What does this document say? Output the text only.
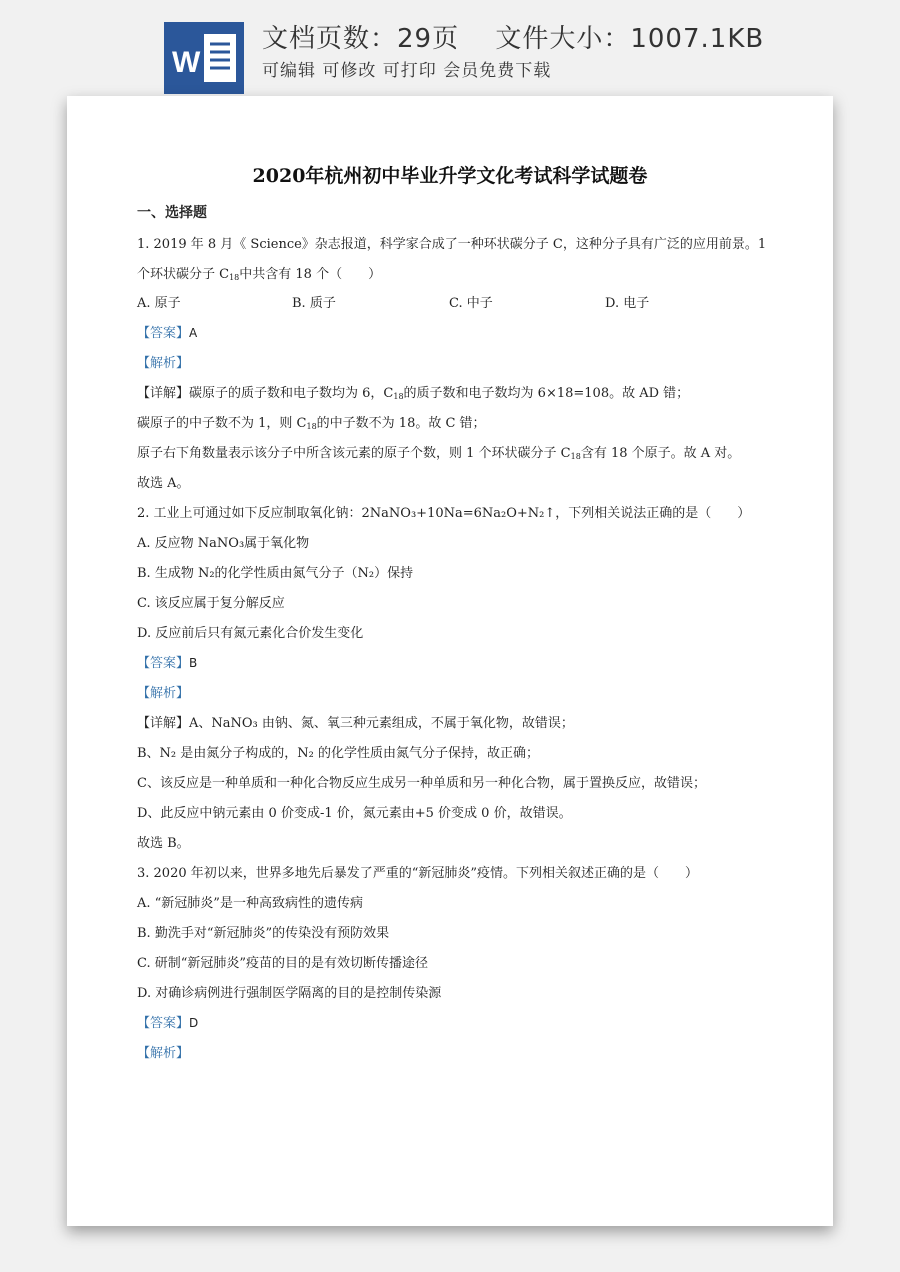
W
文档页数：29页　 文件大小：1007.1KB
可编辑 可修改 可打印 会员免费下载
2020年杭州初中毕业升学文化考试科学试题卷
一、选择题
1. 2019 年 8 月《 Science》杂志报道，科学家合成了一种环状碳分子 C，这种分子具有广泛的应用前景。1
个环状碳分子 $C_{18}$中共含有 18 个（　　）
A. 原子	B. 质子	C. 中子	D. 电子
【答案】A
【解析】
【详解】碳原子的质子数和电子数均为 6，$C_{18}$的质子数和电子数均为 6×18=108。故 AD 错；
碳原子的中子数不为 1，则 $C_{18}$的中子数不为 18。故 C 错；
原子右下角数量表示该分子中所含该元素的原子个数，则 1 个环状碳分子 $C_{18}$含有 18 个原子。故 A 对。
故选 A。
2. 工业上可通过如下反应制取氧化钠：2NaNO₃+10Na=6Na₂O+N₂↑，下列相关说法正确的是（　　）
A. 反应物 NaNO₃属于氧化物
B. 生成物 N₂的化学性质由氮气分子（N₂）保持
C. 该反应属于复分解反应
D. 反应前后只有氮元素化合价发生变化
【答案】B
【解析】
【详解】A、NaNO₃ 由钠、氮、氧三种元素组成，不属于氧化物，故错误；
B、N₂ 是由氮分子构成的，N₂ 的化学性质由氮气分子保持，故正确；
C、该反应是一种单质和一种化合物反应生成另一种单质和另一种化合物，属于置换反应，故错误；
D、此反应中钠元素由 0 价变成-1 价，氮元素由+5 价变成 0 价，故错误。
故选 B。
3. 2020 年初以来，世界多地先后暴发了严重的“新冠肺炎”疫情。下列相关叙述正确的是（　　）
A. “新冠肺炎”是一种高致病性的遗传病
B. 勤洗手对“新冠肺炎”的传染没有预防效果
C. 研制“新冠肺炎”疫苗的目的是有效切断传播途径
D. 对确诊病例进行强制医学隔离的目的是控制传染源
【答案】D
【解析】
